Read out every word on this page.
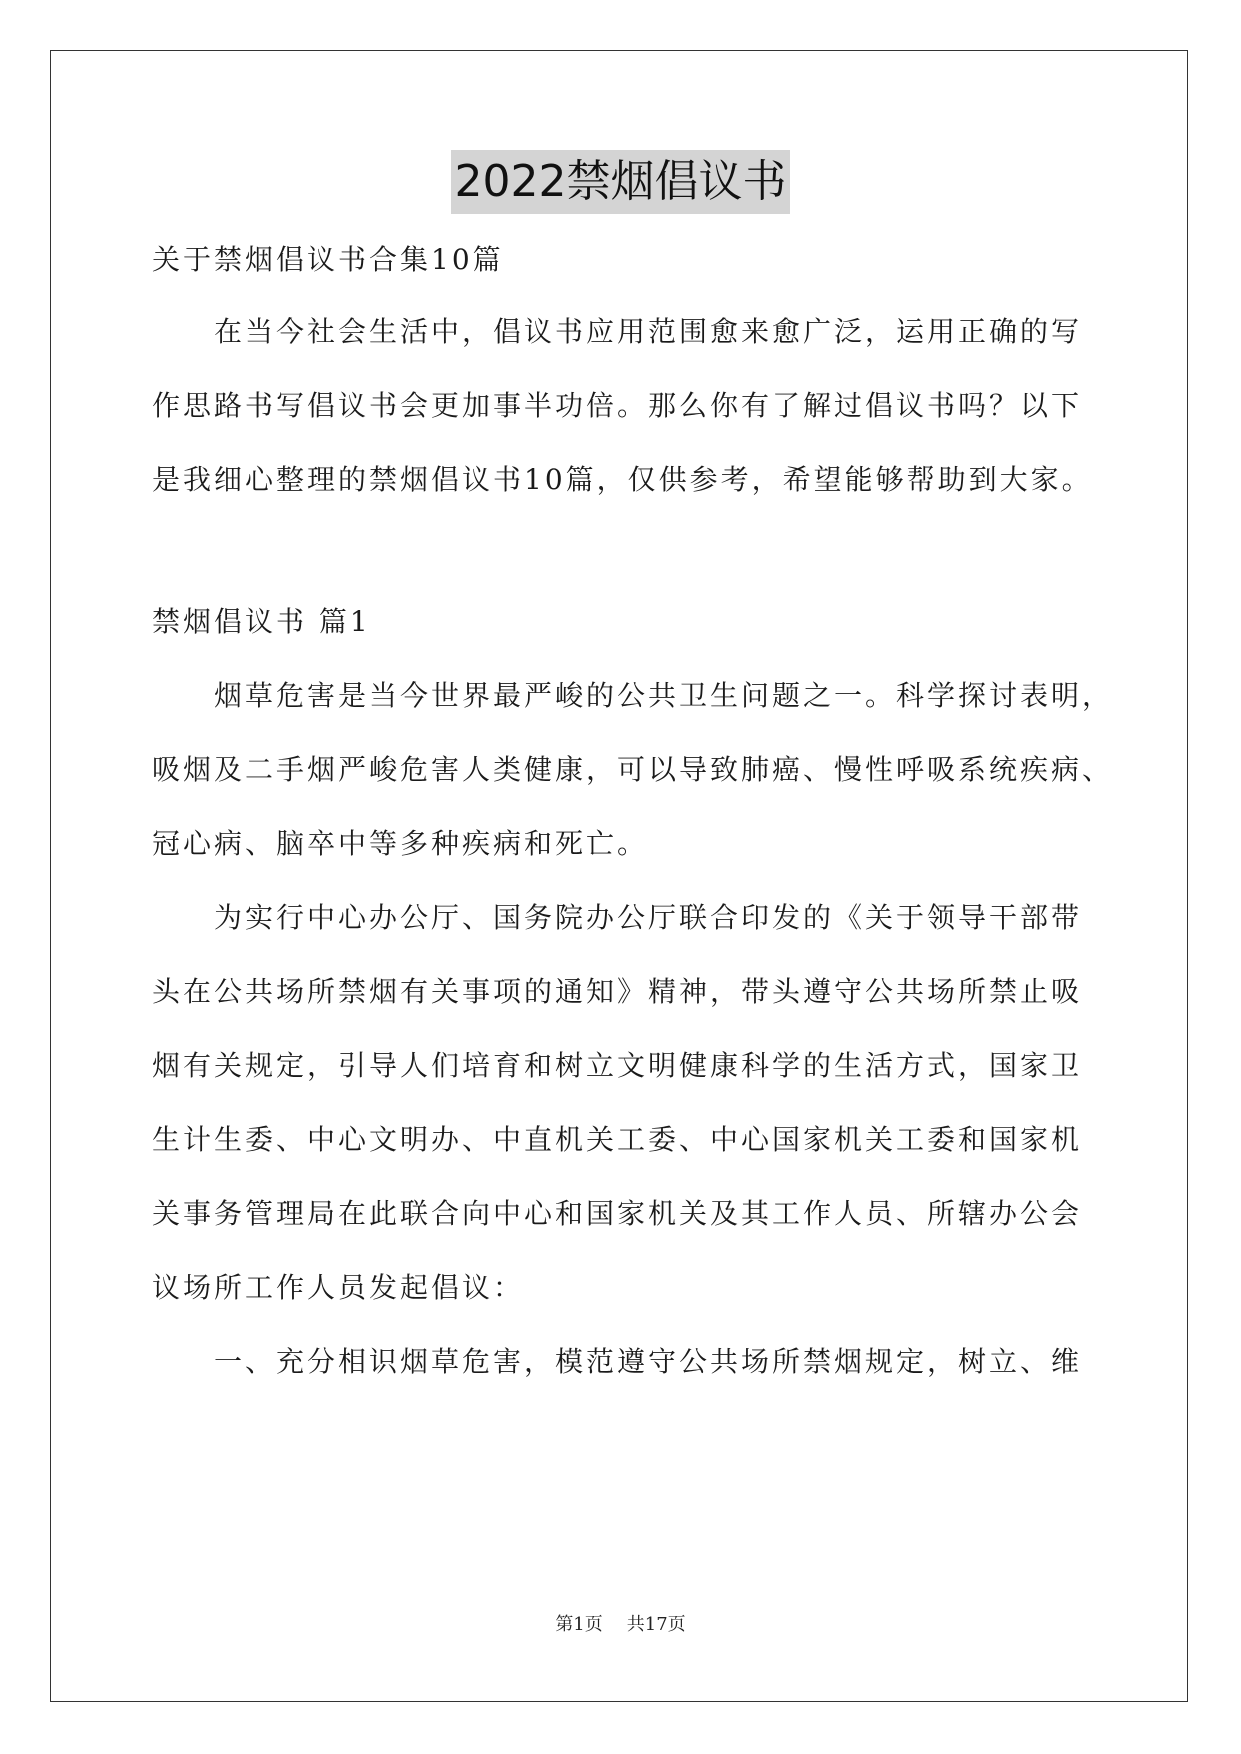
2022禁烟倡议书
关于禁烟倡议书合集10篇
在当今社会生活中，倡议书应用范围愈来愈广泛，运用正确的写
作思路书写倡议书会更加事半功倍。那么你有了解过倡议书吗？以下
是我细心整理的禁烟倡议书10篇，仅供参考，希望能够帮助到大家。
禁烟倡议书 篇1
烟草危害是当今世界最严峻的公共卫生问题之一。科学探讨表明，
吸烟及二手烟严峻危害人类健康，可以导致肺癌、慢性呼吸系统疾病、
冠心病、脑卒中等多种疾病和死亡。
为实行中心办公厅、国务院办公厅联合印发的《关于领导干部带
头在公共场所禁烟有关事项的通知》精神，带头遵守公共场所禁止吸
烟有关规定，引导人们培育和树立文明健康科学的生活方式，国家卫
生计生委、中心文明办、中直机关工委、中心国家机关工委和国家机
关事务管理局在此联合向中心和国家机关及其工作人员、所辖办公会
议场所工作人员发起倡议：
一、充分相识烟草危害，模范遵守公共场所禁烟规定，树立、维
第1页 共17页
